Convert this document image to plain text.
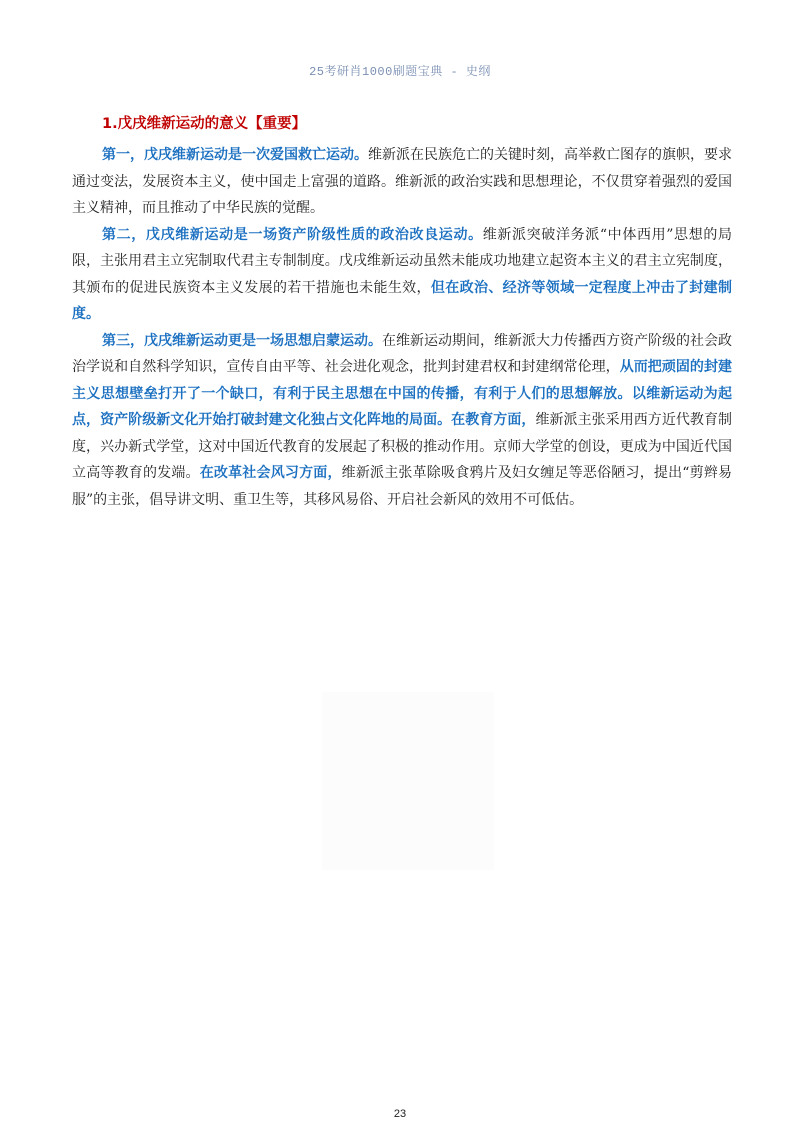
25考研肖1000刷题宝典 - 史纲
1.戊戌维新运动的意义【重要】

第一，戊戌维新运动是一次爱国救亡运动。维新派在民族危亡的关键时刻，高举救亡图存的旗帜，要求通过变法，发展资本主义，使中国走上富强的道路。维新派的政治实践和思想理论，不仅贯穿着强烈的爱国主义精神，而且推动了中华民族的觉醒。

第二，戊戌维新运动是一场资产阶级性质的政治改良运动。维新派突破洋务派“中体西用”思想的局限，主张用君主立宪制取代君主专制制度。戊戌维新运动虽然未能成功地建立起资本主义的君主立宪制度，其颁布的促进民族资本主义发展的若干措施也未能生效，但在政治、经济等领域一定程度上冲击了封建制度。

第三，戊戌维新运动更是一场思想启蒙运动。在维新运动期间，维新派大力传播西方资产阶级的社会政治学说和自然科学知识，宣传自由平等、社会进化观念，批判封建君权和封建纲常伦理，从而把顽固的封建主义思想壁垒打开了一个缺口，有利于民主思想在中国的传播，有利于人们的思想解放。以维新运动为起点，资产阶级新文化开始打破封建文化独占文化阵地的局面。在教育方面，维新派主张采用西方近代教育制度，兴办新式学堂，这对中国近代教育的发展起了积极的推动作用。京师大学堂的创设，更成为中国近代国立高等教育的发端。在改革社会风习方面，维新派主张革除吸食鸦片及妇女缠足等恶俗陋习，提出“剪辫易服”的主张，倡导讲文明、重卫生等，其移风易俗、开启社会新风的效用不可低估。

23
